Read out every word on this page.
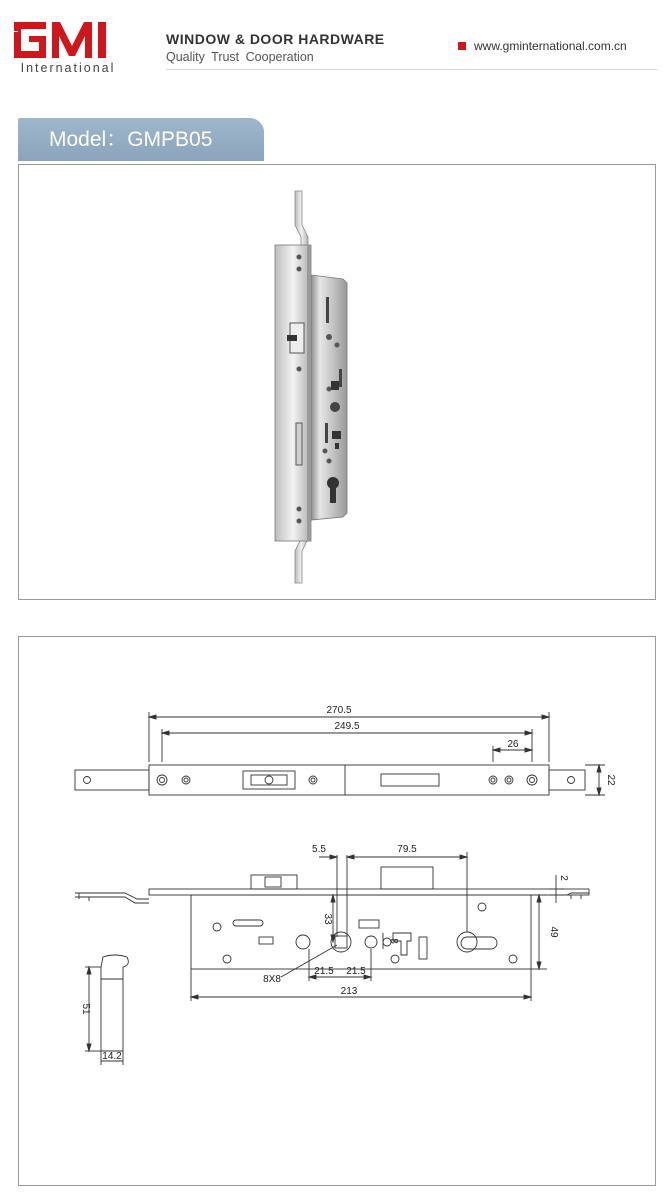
International
WINDOW & DOOR HARDWARE
Quality Trust Cooperation
www.gminternational.com.cn
Model：GMPB05
270.5
249.5
26
22
5.5	79.5
2
49
33
8
8X8
21.5 21.5
213
51
14.2
